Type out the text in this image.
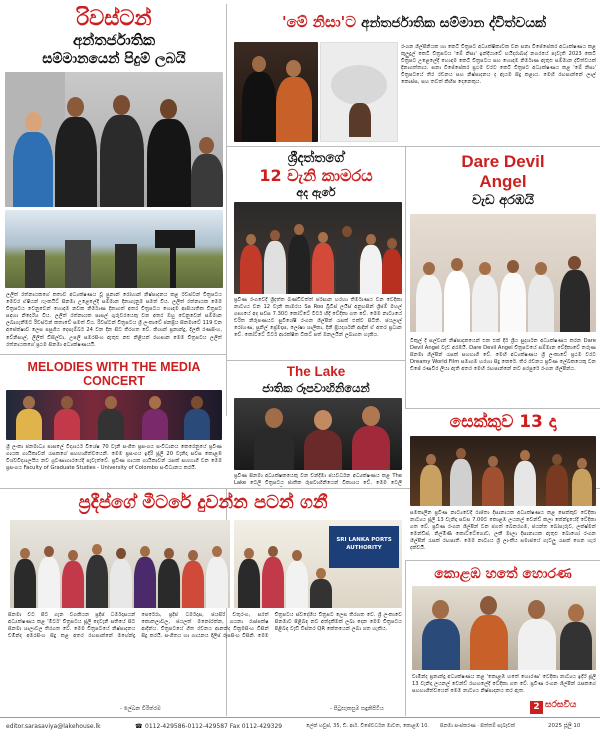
රිවස්ටන්
අන්තර්ජාතික
සම්මානයෙන් පිදුම් ලබයි
ලලිත් රත්නායකගේ කතාව අධ්‍යක්ෂණය වූ පුනාන් රෝහාන් නිෂ්පාදනය කළ රිවස්ටන් චිත්‍රපටය මෙවර ඒෂියන් ෆැංකයිට් සිනමා උළෙලේදී සම්මාන දිනාගැනුම සමත් විය. ලලිත් රත්නායක මෙම චිත්‍රපටය වෙනුවෙන් හොඳම නවක නිර්මාණ දිනාගත් අතර චිත්‍රපටය හොඳම ආසියාතික චිත්‍රපට සඳහා නිර්දේශ විය. ලලිත් රත්නායක පාසල් ගුරුවරයෙකු වන අතර ඔහු වෙනුවෙන් සම්මාන ලබාගැනීමට රිවස්ටන් කතාවේ සමත් විය. රිවස්ටන් චිත්‍රපටය ශ්‍රී ලංකාවේ ජනප්‍රිය සිනමාවේ 119 වන අපේක්ෂාව ලෙස පසුගිය දෙසැම්බර් 24 වන දින සිට තිරගත වේ. කිශාන් ප්‍රනාන්දු, දිලකි රණසිංහ, වේනිසාල්, ලිලිත් ඩිසිල්වා, උපලි සමරසිංහ ඇතුළු නළු නිළියන් රඟපාන මෙම චිත්‍රපටය ලලිත් රත්නායකගේ ප්‍රථම සිනමා අධ්‍යක්ෂණයයි.
'මේ නිසා'ට අන්තර්ජාතික සම්මාන ද්විත්වයක්
රංගන ශිල්පිනියක හා කෙටි චිත්‍රපට අධ්‍යක්ෂිකාවක වන ඝනා විජේසේකර අධ්‍යක්ෂණය කළ කුලුදුල් කෙටි චිත්‍රපටය 'මේ නිසා' ඉන්දියාවේ හයිදරාබාද් නගරයේ පැවැති 2023 කෙටි චිත්‍රපට උළෙලේදී හොඳම කෙටි චිත්‍රපටය සහ හොඳම නිර්මාණ ඇතුළු සම්මාන ද්විත්වයක් දිනාගත්තාය. ඝනා විජේසේකර ප්‍රථම වරට කෙටි චිත්‍රපට අධ්‍යක්ෂණය කළ 'මේ නිසා' චිත්‍රපටයේ තිර රචනය සහ නිෂ්පාදනය ද ඇයම සිදු කළාය. මෙහි රඟපාන්නේ ලාල් කොස්ස, සහ තවත් කිහිප දෙනෙකුය.
ශ්‍රීදත්තගේ
12 වැනි කාමරය
අද ඇරේ
ප්‍රවීණ රංගවේදී ශ්‍රීදත්ත බණ්ඩිවත්ත් පරිසාන හරහා තිර්මාණය වන වේදිකා නාට්‍යය වන 12 වැනි කාමරය Sa Roo බ්‍රිටිස් ලයිස් අනුහසින් ශ්‍රීජම් මහල් ගෘහයේ අද සවස 7.30ට කෝට්ටේ ටීටර් හිදී වේදිකා ගත වේ. මෙම නාට්‍යයේ චරිත නිරූපණයට සුවිශේෂී රංගන ශිල්පීන් රැසක් එක්ව සිටිති. ජයලාල් රෝහණ, සුනිල් ප්‍රේමදාස, ලෝෂා ශාලිකා, දිනී ප්‍රියදර්ශනී ආදීන් ඒ අතර ප්‍රධාන වේ. කෝට්ටේ ටීටර් ආරක්ෂිත ටිකට් පත් ඔනලයින් ලබාගත හැකිය.
Dare Devil
Angel
වැඩ අරඹයි
ටිකුල් දී සල්වාන් නිෂ්පාදනයෙන් එක එක් දීර් ශ්‍රීය සුදර්ශන අධ්‍යක්ෂණය කරන Dare Devil Angel වැඩ අරඹයි. Dare Devil Angel චිත්‍රපටයේ සම්මාන වේදිකාවේ තරුණ සිනමා ශිල්පීන් රැසක් සහභාගි වේ. මෙහි අධ්‍යක්ෂණය ශ්‍රී ලංකාවේ ප්‍රථම වරට Dreamy World Film සමාගම හරහා සිදු කෙරේ. තිර රචනය ප්‍රවීණ ලේඛකයෙකු වන ඩීජේ රණවීර ලියා ඇති අතර මෙහි රඟපාන්නේ නව පරපුරේ රංගන ශිල්පීන්ය.
MELODIES WITH THE MEDIA CONCERT
ශ්‍රී ලංකා ජනමාධ්‍ය පාසලේ විද්‍යාර්ථ විශේෂ 70 වැනි සංගීත ප්‍රසංගය සංවිධානය කෙරෙනුයේ ප්‍රවීණ ගායක ගායිකාවන් රැසකගේ සහභාගිත්වයෙනි. මෙම ප්‍රසංගය ඉදිරි ජූලි 20 වැනිදා සවස කොළඹ විශ්වවිද්‍යාලයීය නව ශ්‍රවණාගාරයේදී පැවැත්වේ. ප්‍රවීණ ගායක ගායිකාවන් රැසක් සහභාගී වන මෙම ප්‍රසංගය Faculty of Graduate Studies - University of Colombo සංවිධානය කරයි.
The Lake
ජාතික රූපවාහිනියෙන්
සෙක්කුව 13 දා
සමකාලීන ප්‍රවීණ නාට්‍යවේදී රාජිතා දිසානායක අධ්‍යක්ෂණය කළ සෙක්කුව වේදිකා නාට්‍යය ජූලි 13 වැනිදා සවස 7.00ට කොළඹ ලයනල් වෙන්ඩ් කලා කේන්ද්‍රයේදී වේදිකා ගත වේ. ප්‍රවීණ රංගන ශිල්පීන් වන ජගත් බෙනරගම, ජයන්ත බෝපැරුව, ලක්ෂ්මන් මෙන්ඩිස්, නිල්මිණී කොට්ටේගොඩ, ලකී මාලා දිසානායක ඇතුළු බොහෝ රංගන ශිල්පීන් රැසක් රඟපාති. මෙම නාට්‍යය ශ්‍රී ලාංකීය සමාජයේ ගැටලු රැසක් ගෙන හැර දක්වයි.
ප්‍රවීණ සිනමා අධ්‍යක්ෂකයෙකු වන චන්දිමා ජයවර්ධන අධ්‍යක්ෂණය කළ The Lake ටෙලි චිත්‍රපටය ජාතික රූපවාහිනියෙන් විකාශය වේ. මෙම ටෙලි
ප්‍රදීප්ගේ මීටරේ දුවන්න පටන් ගනී
SRI LANKA PORTS
AUTHORITY
සිනමා වට පිට ගැන වගකියන ප්‍රදීප් ධර්මදාසයන් අධ්‍යක්ෂණය කළ 'මීටර්' චිත්‍රපටය ජූලි දෙවැනි සතියේ සිට සිනමා ශාලාවල තිරගත වේ. මෙම චිත්‍රපටයේ නිෂ්පාදනය චමින්ද අමරසිංහ සිදු කළ අතර රඟපාන්නේ මහේන්ද්‍ර පෙරේරා, ප්‍රදීප් ධර්මදාස, ජයසිරි චතුරංග, සරත් කොතලාවල, ජයලත් මනෝරත්න, ගයනා රාජපක්ෂ ආදීන්ය. චිත්‍රපටයේ ගීත රචනය ආනන්ද වික්‍රමසිංහ විසින් සිදු කරයි. සංගීතය හා ගායනය දිලිප් රූපසිංහ විසිනි. මෙම චිත්‍රපටය ස්වදේශීය චිත්‍රපට ලෙස තිරගත වේ. ශ්‍රී ලංකාවේ සිනමාව පිළිබඳ නව අත්දැකීමක් ලබා දෙන මෙම චිත්‍රපටය පිළිබඳ වැඩි විස්තර QR කේතයෙන් ලබා ගත හැකිය.
කොළඹ හතේ හොරණ
චාමින්ද ප්‍රනාන්දු අධ්‍යක්ෂණය කළ 'කොළඹ හතේ හොරණ' වේදිකා නාට්‍යය ඉදිරි ජූලි 13 වැනිදා ලයනල් වෙන්ඩ් රඟහලේදී වේදිකා ගත වේ. ප්‍රවීණ රංගන ශිල්පීන් රැසකගේ සහභාගීත්වයෙන් මෙම නාට්‍යය නිෂ්පාදනය කර ඇත.
- ලේඛන විරිත්රම	- පිටුසැකසුම සඳුනිපිටිය	2 සරසවිය
editor.sarasaviya@lakehouse.lk	☎ 0112-429586-0112-429587 Fax 0112-429329	ලේක් හවුස්, 35, ඩී. ආර්. විජේවර්ධන මාවත, කොළඹ 10. සිනමා සංස්කරණ · සිත්තම් සැබෑවක්	2025 ජූලි 10
